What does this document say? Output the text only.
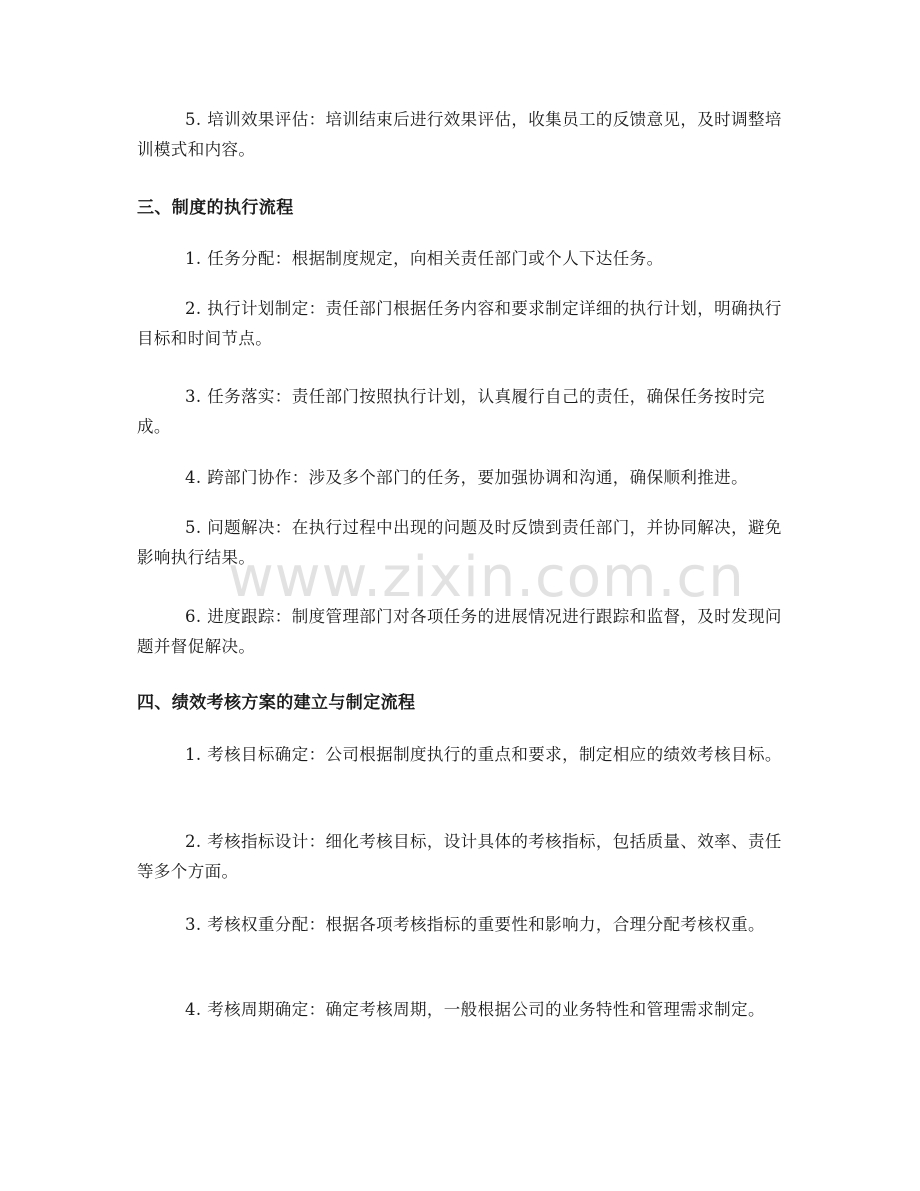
5. 培训效果评估：培训结束后进行效果评估，收集员工的反馈意见，及时调整培训模式和内容。

三、制度的执行流程

1. 任务分配：根据制度规定，向相关责任部门或个人下达任务。

2. 执行计划制定：责任部门根据任务内容和要求制定详细的执行计划，明确执行目标和时间节点。

3. 任务落实：责任部门按照执行计划，认真履行自己的责任，确保任务按时完成。

4. 跨部门协作：涉及多个部门的任务，要加强协调和沟通，确保顺利推进。

5. 问题解决：在执行过程中出现的问题及时反馈到责任部门，并协同解决，避免影响执行结果。

6. 进度跟踪：制度管理部门对各项任务的进展情况进行跟踪和监督，及时发现问题并督促解决。

四、绩效考核方案的建立与制定流程

1. 考核目标确定：公司根据制度执行的重点和要求，制定相应的绩效考核目标。

2. 考核指标设计：细化考核目标，设计具体的考核指标，包括质量、效率、责任等多个方面。

3. 考核权重分配：根据各项考核指标的重要性和影响力，合理分配考核权重。

4. 考核周期确定：确定考核周期，一般根据公司的业务特性和管理需求制定。

www.zixin.com.cn
